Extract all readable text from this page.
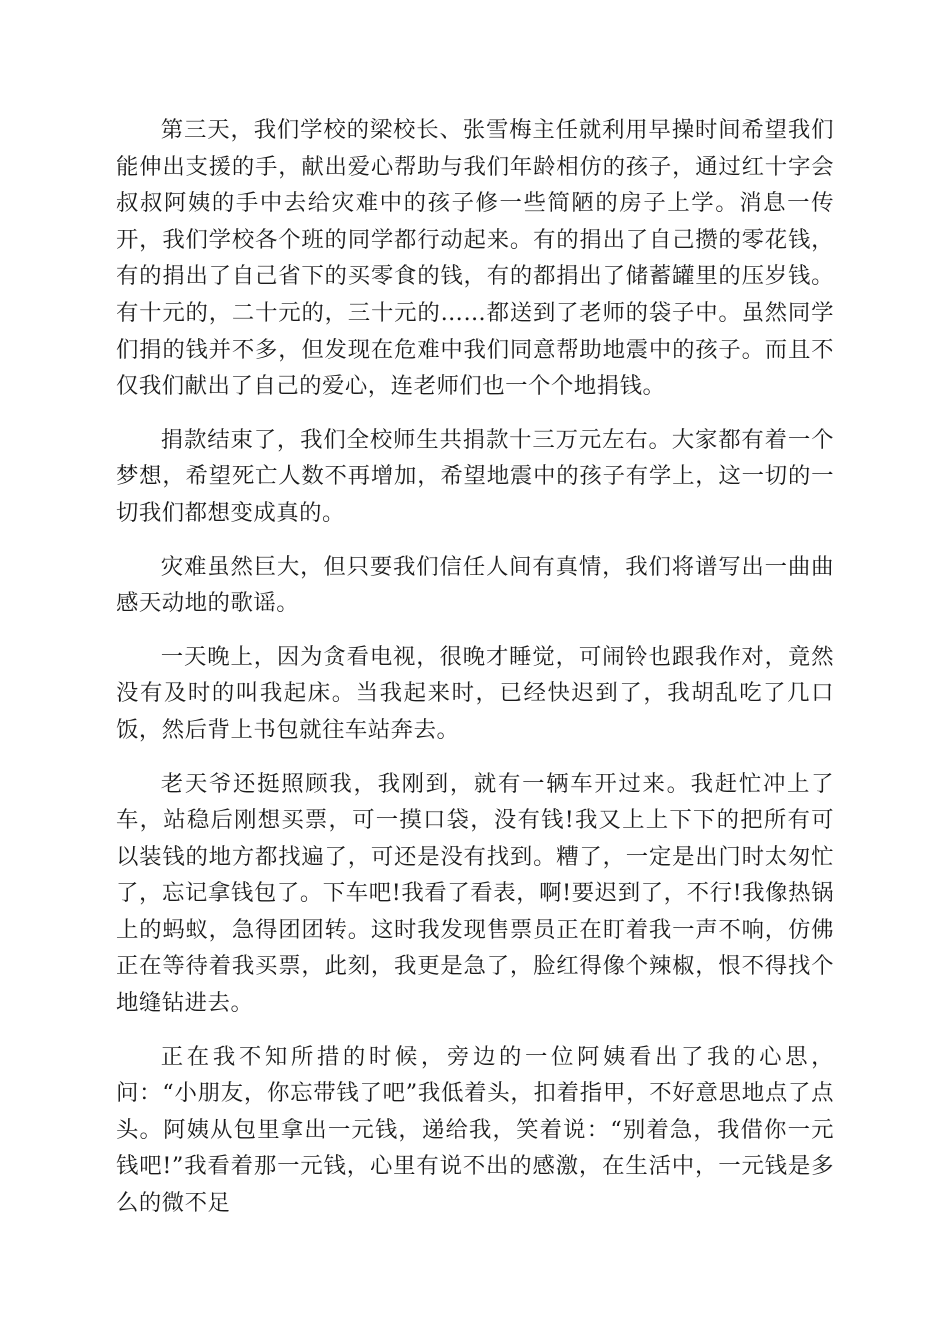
第三天，我们学校的梁校长、张雪梅主任就利用早操时间希望我们能伸出支援的手，献出爱心帮助与我们年龄相仿的孩子，通过红十字会叔叔阿姨的手中去给灾难中的孩子修一些简陋的房子上学。消息一传开，我们学校各个班的同学都行动起来。有的捐出了自己攒的零花钱，有的捐出了自己省下的买零食的钱，有的都捐出了储蓄罐里的压岁钱。有十元的，二十元的，三十元的……都送到了老师的袋子中。虽然同学们捐的钱并不多，但发现在危难中我们同意帮助地震中的孩子。而且不仅我们献出了自己的爱心，连老师们也一个个地捐钱。

捐款结束了，我们全校师生共捐款十三万元左右。大家都有着一个梦想，希望死亡人数不再增加，希望地震中的孩子有学上，这一切的一切我们都想变成真的。

灾难虽然巨大，但只要我们信任人间有真情，我们将谱写出一曲曲感天动地的歌谣。

一天晚上，因为贪看电视，很晚才睡觉，可闹铃也跟我作对，竟然没有及时的叫我起床。当我起来时，已经快迟到了，我胡乱吃了几口饭，然后背上书包就往车站奔去。

老天爷还挺照顾我，我刚到，就有一辆车开过来。我赶忙冲上了车，站稳后刚想买票，可一摸口袋，没有钱!我又上上下下的把所有可以装钱的地方都找遍了，可还是没有找到。糟了，一定是出门时太匆忙了，忘记拿钱包了。下车吧!我看了看表，啊!要迟到了，不行!我像热锅上的蚂蚁，急得团团转。这时我发现售票员正在盯着我一声不响，仿佛正在等待着我买票，此刻，我更是急了，脸红得像个辣椒，恨不得找个地缝钻进去。

正在我不知所措的时候，旁边的一位阿姨看出了我的心思，问：“小朋友，你忘带钱了吧”我低着头，扣着指甲，不好意思地点了点头。阿姨从包里拿出一元钱，递给我，笑着说：“别着急，我借你一元钱吧!”我看着那一元钱，心里有说不出的感激，在生活中，一元钱是多么的微不足
